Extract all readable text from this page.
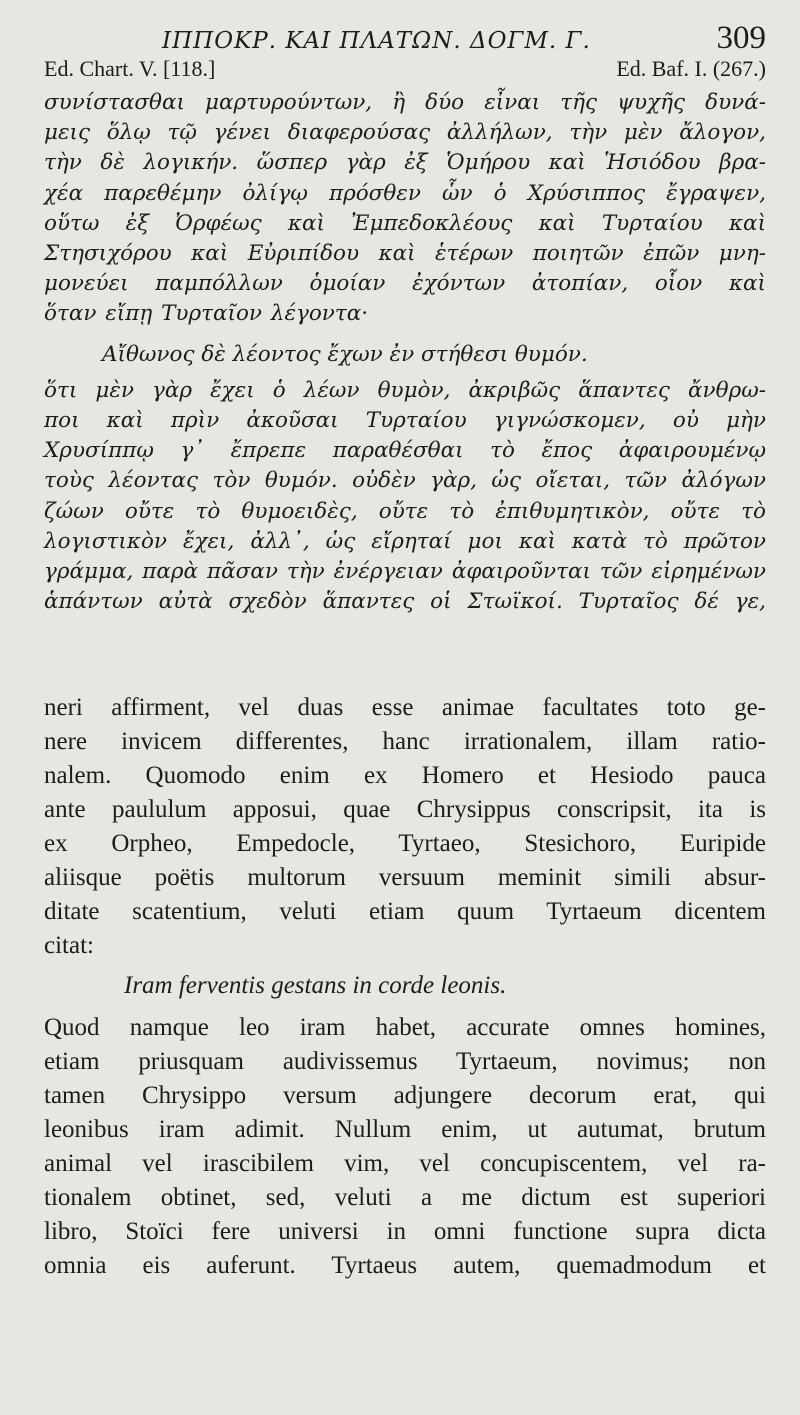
ΙΠΠΟΚΡ. ΚΑΙ ΠΛΑΤΩΝ. ΔΟΓΜ. Γ.	309
Ed. Chart. V. [118.]	Ed. Baf. I. (267.)
συνίστασθαι μαρτυρούντων, ἢ δύο εἶναι τῆς ψυχῆς δυνά-
μεις ὅλῳ τῷ γένει διαφερούσας ἀλλήλων, τὴν μὲν ἄλογον,
τὴν δὲ λογικήν. ὥσπερ γὰρ ἐξ Ὁμήρου καὶ Ἡσιόδου βρα-
χέα παρεθέμην ὀλίγῳ πρόσθεν ὧν ὁ Χρύσιππος ἔγραψεν,
οὕτω ἐξ Ὀρφέως καὶ Ἐμπεδοκλέους καὶ Τυρταίου καὶ
Στησιχόρου καὶ Εὐριπίδου καὶ ἑτέρων ποιητῶν ἐπῶν μνη-
μονεύει παμπόλλων ὁμοίαν ἐχόντων ἀτοπίαν, οἷον καὶ
ὅταν εἴπῃ Τυρταῖον λέγοντα·
Αἴθωνος δὲ λέοντος ἔχων ἐν στήθεσι θυμόν.
ὅτι μὲν γὰρ ἔχει ὁ λέων θυμὸν, ἀκριβῶς ἅπαντες ἄνθρω-
ποι καὶ πρὶν ἀκοῦσαι Τυρταίου γιγνώσκομεν, οὐ μὴν
Χρυσίππῳ γ᾽ ἔπρεπε παραθέσθαι τὸ ἔπος ἀφαιρουμένῳ
τοὺς λέοντας τὸν θυμόν. οὐδὲν γὰρ, ὡς οἴεται, τῶν ἀλόγων
ζώων οὔτε τὸ θυμοειδὲς, οὔτε τὸ ἐπιθυμητικὸν, οὔτε τὸ
λογιστικὸν ἔχει, ἀλλ᾽, ὡς εἴρηταί μοι καὶ κατὰ τὸ πρῶτον
γράμμα, παρὰ πᾶσαν τὴν ἐνέργειαν ἀφαιροῦνται τῶν εἰρημένων
ἁπάντων αὐτὰ σχεδὸν ἅπαντες οἱ Στωϊκοί. Τυρταῖος δέ γε,
neri affirment, vel duas esse animae facultates toto ge-
nere invicem differentes, hanc irrationalem, illam ratio-
nalem. Quomodo enim ex Homero et Hesiodo pauca
ante paululum apposui, quae Chrysippus conscripsit, ita is
ex Orpheo, Empedocle, Tyrtaeo, Stesichoro, Euripide
aliisque poëtis multorum versuum meminit simili absur-
ditate scatentium, veluti etiam quum Tyrtaeum dicentem
citat:
Iram ferventis gestans in corde leonis.
Quod namque leo iram habet, accurate omnes homines,
etiam priusquam audivissemus Tyrtaeum, novimus; non
tamen Chrysippo versum adjungere decorum erat, qui
leonibus iram adimit. Nullum enim, ut autumat, brutum
animal vel irascibilem vim, vel concupiscentem, vel ra-
tionalem obtinet, sed, veluti a me dictum est superiori
libro, Stoïci fere universi in omni functione supra dicta
omnia eis auferunt. Tyrtaeus autem, quemadmodum et
